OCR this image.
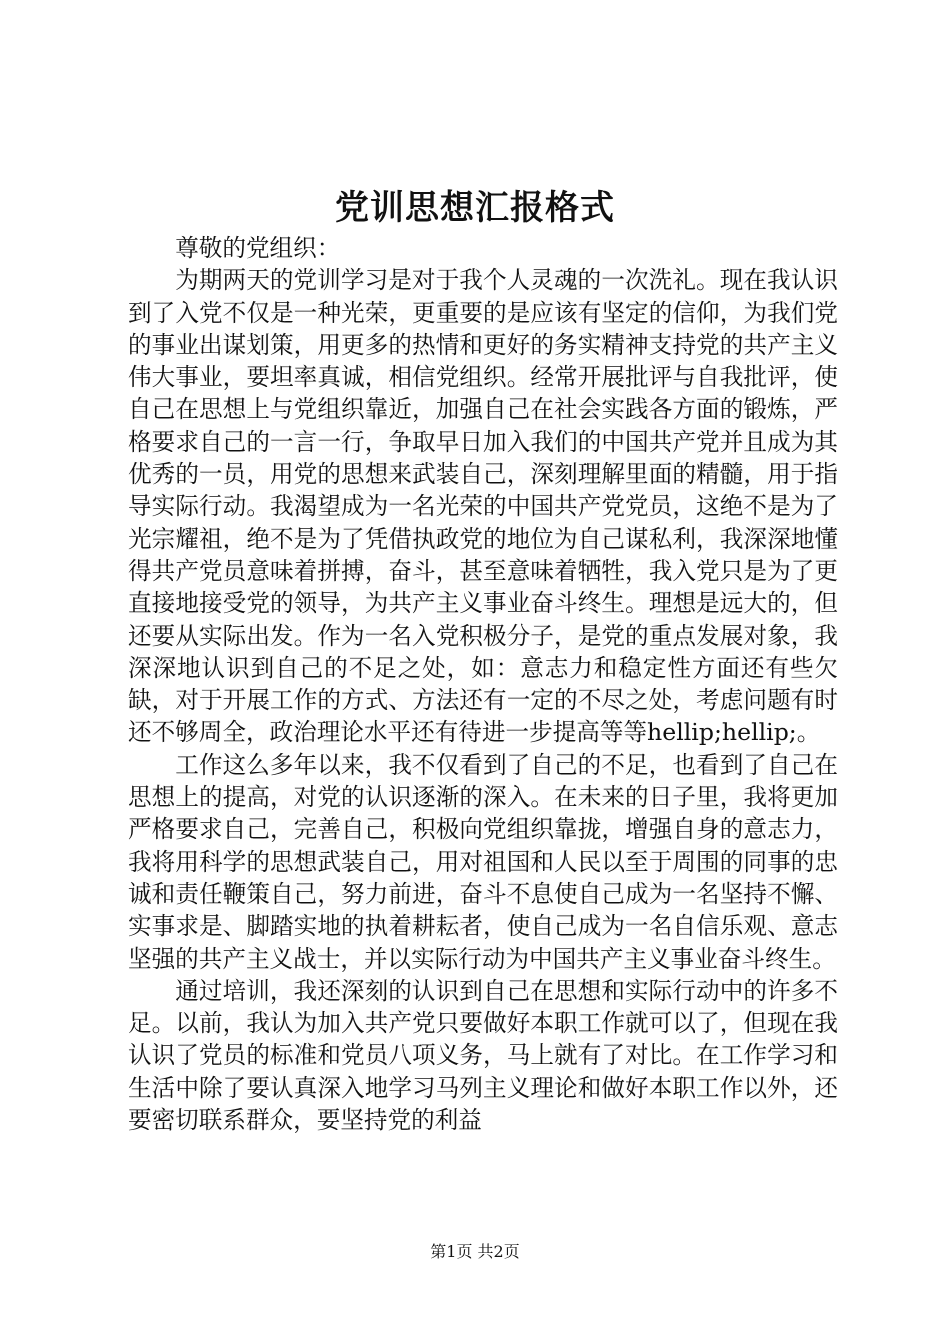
党训思想汇报格式

尊敬的党组织：

为期两天的党训学习是对于我个人灵魂的一次洗礼。现在我认识到了入党不仅是一种光荣，更重要的是应该有坚定的信仰，为我们党的事业出谋划策，用更多的热情和更好的务实精神支持党的共产主义伟大事业，要坦率真诚，相信党组织。经常开展批评与自我批评，使自己在思想上与党组织靠近，加强自己在社会实践各方面的锻炼，严格要求自己的一言一行，争取早日加入我们的中国共产党并且成为其优秀的一员，用党的思想来武装自己，深刻理解里面的精髓，用于指导实际行动。我渴望成为一名光荣的中国共产党党员，这绝不是为了光宗耀祖，绝不是为了凭借执政党的地位为自己谋私利，我深深地懂得共产党员意味着拼搏，奋斗，甚至意味着牺牲，我入党只是为了更直接地接受党的领导，为共产主义事业奋斗终生。理想是远大的，但还要从实际出发。作为一名入党积极分子，是党的重点发展对象，我深深地认识到自己的不足之处，如：意志力和稳定性方面还有些欠缺，对于开展工作的方式、方法还有一定的不尽之处，考虑问题有时还不够周全，政治理论水平还有待进一步提高等等hellip;hellip;。

工作这么多年以来，我不仅看到了自己的不足，也看到了自己在思想上的提高，对党的认识逐渐的深入。在未来的日子里，我将更加严格要求自己，完善自己，积极向党组织靠拢，增强自身的意志力，我将用科学的思想武装自己，用对祖国和人民以至于周围的同事的忠诚和责任鞭策自己，努力前进，奋斗不息使自己成为一名坚持不懈、实事求是、脚踏实地的执着耕耘者，使自己成为一名自信乐观、意志坚强的共产主义战士，并以实际行动为中国共产主义事业奋斗终生。

通过培训，我还深刻的认识到自己在思想和实际行动中的许多不足。以前，我认为加入共产党只要做好本职工作就可以了，但现在我认识了党员的标准和党员八项义务，马上就有了对比。在工作学习和生活中除了要认真深入地学习马列主义理论和做好本职工作以外，还要密切联系群众，要坚持党的利益

第1页 共2页
